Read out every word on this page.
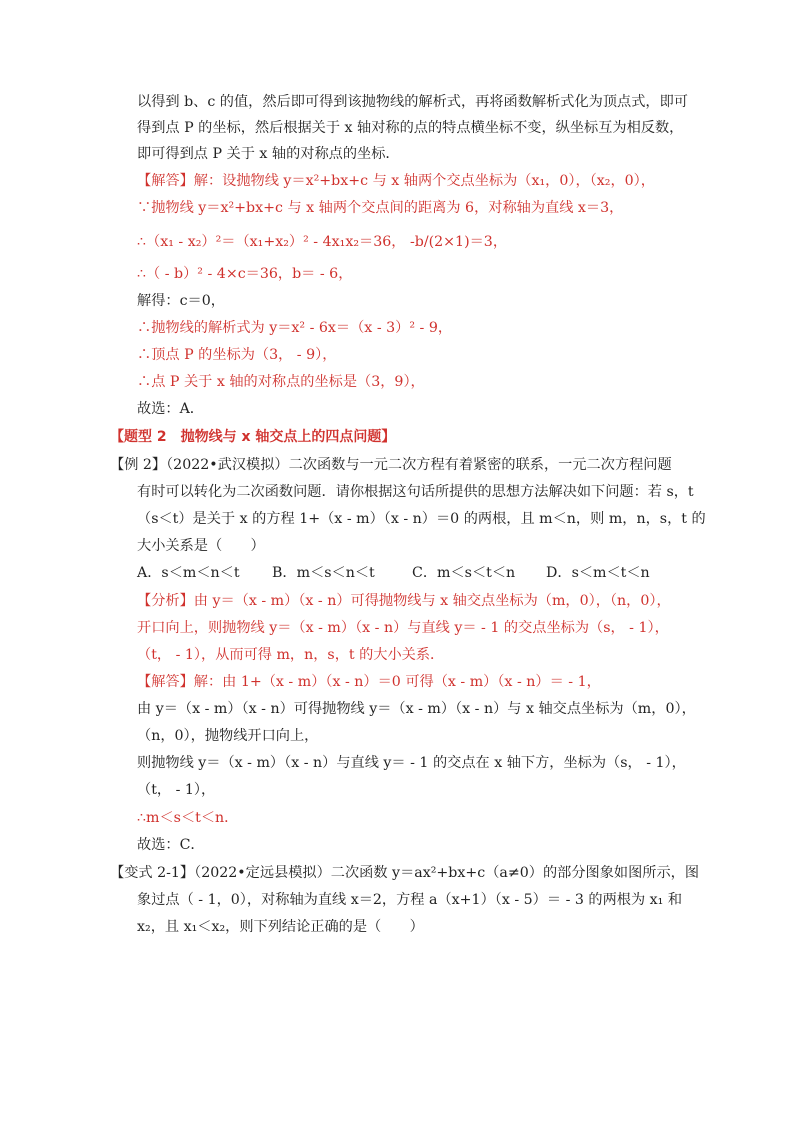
以得到 b、c 的值，然后即可得到该抛物线的解析式，再将函数解析式化为顶点式，即可
得到点 P 的坐标，然后根据关于 x 轴对称的点的特点横坐标不变，纵坐标互为相反数，
即可得到点 P 关于 x 轴的对称点的坐标．
【解答】解：设抛物线 y＝x²+bx+c 与 x 轴两个交点坐标为（x₁，0），（x₂，0），
∵抛物线 y＝x²+bx+c 与 x 轴两个交点间的距离为 6，对称轴为直线 x＝3，
∴（x₁ - x₂）²＝（x₁+x₂）² - 4x₁x₂＝36， -b/(2×1)＝3，
∴（ - b）² - 4×c＝36，b＝ - 6，
解得：c＝0，
∴抛物线的解析式为 y＝x² - 6x＝（x - 3）² - 9，
∴顶点 P 的坐标为（3， - 9），
∴点 P 关于 x 轴的对称点的坐标是（3，9），
故选：A．
【题型 2　抛物线与 x 轴交点上的四点问题】
【例 2】（2022•武汉模拟）二次函数与一元二次方程有着紧密的联系，一元二次方程问题
有时可以转化为二次函数问题．请你根据这句话所提供的思想方法解决如下问题：若 s，t
（s＜t）是关于 x 的方程 1+（x - m）（x - n）＝0 的两根，且 m＜n，则 m，n，s，t 的
大小关系是（　　）
A．s＜m＜n＜t B．m＜s＜n＜t	C．m＜s＜t＜n D．s＜m＜t＜n
【分析】由 y＝（x - m）（x - n）可得抛物线与 x 轴交点坐标为（m，0），（n，0），
开口向上，则抛物线 y＝（x - m）（x - n）与直线 y＝ - 1 的交点坐标为（s， - 1），
（t， - 1），从而可得 m，n，s，t 的大小关系．
【解答】解：由 1+（x - m）（x - n）＝0 可得（x - m）（x - n）＝ - 1，
由 y＝（x - m）（x - n）可得抛物线 y＝（x - m）（x - n）与 x 轴交点坐标为（m，0），
（n，0），抛物线开口向上，
则抛物线 y＝（x - m）（x - n）与直线 y＝ - 1 的交点在 x 轴下方，坐标为（s， - 1），
（t， - 1），
∴m＜s＜t＜n．
故选：C．
【变式 2-1】（2022•定远县模拟）二次函数 y＝ax²+bx+c（a≠0）的部分图象如图所示，图
象过点（ - 1，0），对称轴为直线 x＝2，方程 a（x+1）（x - 5）＝ - 3 的两根为 x₁ 和
x₂，且 x₁＜x₂，则下列结论正确的是（　　）
